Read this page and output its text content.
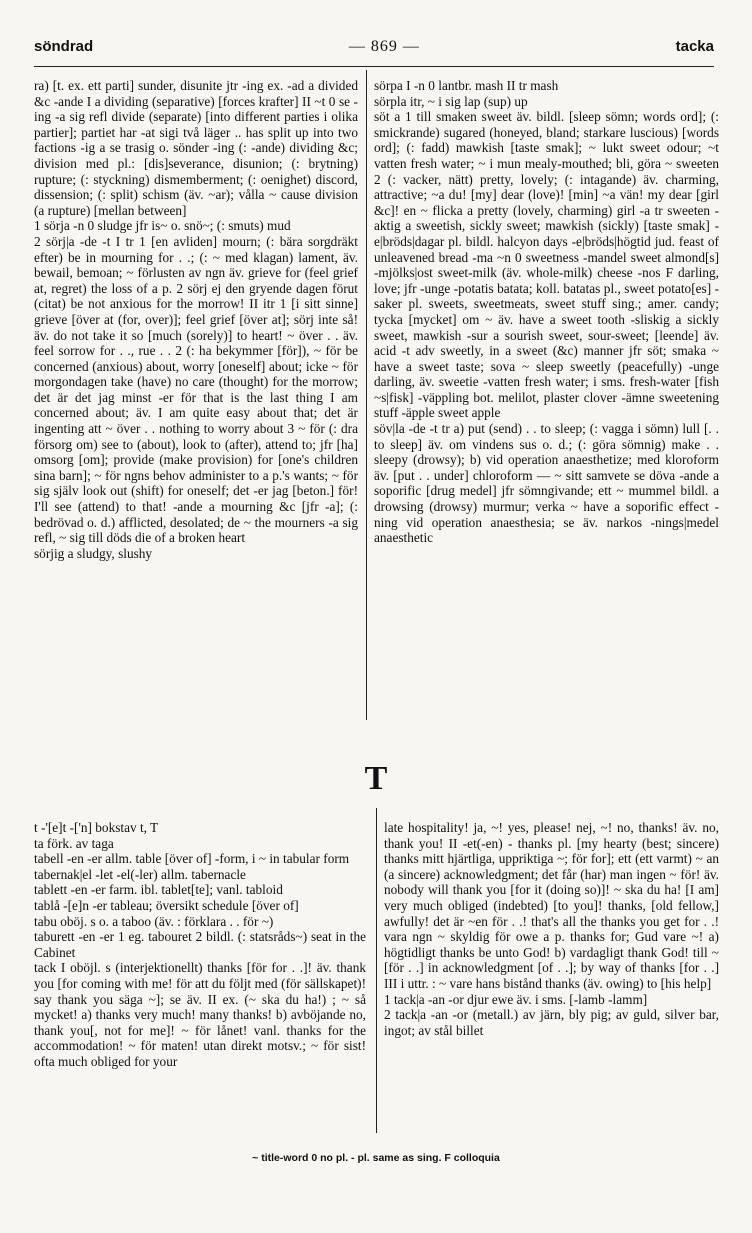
söndrad	— 869 —	tacka

ra) [t. ex. ett parti] sunder, disunite jtr -ing ex. -ad a divided &c -ande I a dividing (separative) [forces krafter] II ~t 0 se -ing -a sig refl divide (separate) [into different parties i olika partier]; partiet har -at sigi två läger .. has split up into two factions -ig a se trasig o. sönder -ing (: -ande) dividing &c; division med pl.: [dis]severance, disunion; (: brytning) rupture; (: styckning) dismemberment; (: oenighet) discord, dissension; (: split) schism (äv. ~ar); vålla ~ cause division (a rupture) [mellan between]

1 sörja -n 0 sludge jfr is~ o. snö~; (: smuts) mud

2 sörj|a -de -t I tr 1 [en avliden] mourn; (: bära sorgdräkt efter) be in mourning for . .; (: ~ med klagan) lament, äv. bewail, bemoan; ~ förlusten av ngn äv. grieve for (feel grief at, regret) the loss of a p. 2 sörj ej den gryende dagen förut (citat) be not anxious for the morrow! II itr 1 [i sitt sinne] grieve [över at (for, over)]; feel grief [över at]; sörj inte så! äv. do not take it so [much (sorely)] to heart! ~ över . . äv. feel sorrow for . ., rue . . 2 (: ha bekymmer [för]), ~ för be concerned (anxious) about, worry [oneself] about; icke ~ för morgondagen take (have) no care (thought) for the morrow; det är det jag minst -er för that is the last thing I am concerned about; äv. I am quite easy about that; det är ingenting att ~ över . . nothing to worry about 3 ~ för (: dra försorg om) see to (about), look to (after), attend to; jfr [ha] omsorg [om]; provide (make provision) for [one's children sina barn]; ~ för ngns behov administer to a p.'s wants; ~ för sig själv look out (shift) for oneself; det -er jag [beton.] för! I'll see (attend) to that! -ande a mourning &c [jfr -a]; (: bedrövad o. d.) afflicted, desolated; de ~ the mourners -a sig refl, ~ sig till döds die of a broken heart

sörjig a sludgy, slushy

sörpa I -n 0 lantbr. mash II tr mash

sörpla itr, ~ i sig lap (sup) up

söt a 1 till smaken sweet äv. bildl. [sleep sömn; words ord]; (: smickrande) sugared (honeyed, bland; starkare luscious) [words ord]; (: fadd) mawkish [taste smak]; ~ lukt sweet odour; ~t vatten fresh water; ~ i mun mealy-mouthed; bli, göra ~ sweeten 2 (: vacker, nätt) pretty, lovely; (: intagande) äv. charming, attractive; ~a du! [my] dear (love)! [min] ~a vän! my dear [girl &c]! en ~ flicka a pretty (lovely, charming) girl -a tr sweeten -aktig a sweetish, sickly sweet; mawkish (sickly) [taste smak] -e|bröds|dagar pl. bildl. halcyon days -e|bröds|högtid jud. feast of unleavened bread -ma ~n 0 sweetness -mandel sweet almond[s] -mjölks|ost sweet-milk (äv. whole-milk) cheese -nos F darling, love; jfr -unge -potatis batata; koll. batatas pl., sweet potato[es] -saker pl. sweets, sweetmeats, sweet stuff sing.; amer. candy; tycka [mycket] om ~ äv. have a sweet tooth -sliskig a sickly sweet, mawkish -sur a sourish sweet, sour-sweet; [leende] äv. acid -t adv sweetly, in a sweet (&c) manner jfr söt; smaka ~ have a sweet taste; sova ~ sleep sweetly (peacefully) -unge darling, äv. sweetie -vatten fresh water; i sms. fresh-water [fish ~s|fisk] -väppling bot. melilot, plaster clover -ämne sweetening stuff -äpple sweet apple

söv|la -de -t tr a) put (send) . . to sleep; (: vagga i sömn) lull [. . to sleep] äv. om vindens sus o. d.; (: göra sömnig) make . . sleepy (drowsy); b) vid operation anaesthetize; med kloroform äv. [put . . under] chloroform — ~ sitt samvete se döva -ande a soporific [drug medel] jfr sömngivande; ett ~ mummel bildl. a drowsing (drowsy) murmur; verka ~ have a soporific effect -ning vid operation anaesthesia; se äv. narkos -nings|medel anaesthetic

T

t -'[e]t -['n] bokstav t, T

ta förk. av taga

tabell -en -er allm. table [över of] -form, i ~ in tabular form

tabernak|el -let -el(-ler) allm. tabernacle

tablett -en -er farm. ibl. tablet[te]; vanl. tabloid

tablå -[e]n -er tableau; översikt schedule [över of]

tabu oböj. s o. a taboo (äv. : förklara . . för ~)

taburett -en -er 1 eg. tabouret 2 bildl. (: statsråds~) seat in the Cabinet

tack I oböjl. s (interjektionellt) thanks [för for . .]! äv. thank you [for coming with me! för att du följt med (för sällskapet)! say thank you säga ~]; se äv. II ex. (~ ska du ha!) ; ~ så mycket! a) thanks very much! many thanks! b) avböjande no, thank you[, not for me]! ~ för lånet! vanl. thanks for the accommodation! ~ för maten! utan direkt motsv.; ~ för sist! ofta much obliged for your

late hospitality! ja, ~! yes, please! nej, ~! no, thanks! äv. no, thank you! II -et(-en) - thanks pl. [my hearty (best; sincere) thanks mitt hjärtliga, uppriktiga ~; för for]; ett (ett varmt) ~ an (a sincere) acknowledgment; det får (har) man ingen ~ för! äv. nobody will thank you [for it (doing so)]! ~ ska du ha! [I am] very much obliged (indebted) [to you]! thanks, [old fellow,] awfully! det är ~en för . .! that's all the thanks you get for . .! vara ngn ~ skyldig för owe a p. thanks for; Gud vare ~! a) högtidligt thanks be unto God! b) vardagligt thank God! till ~ [för . .] in acknowledgment [of . .]; by way of thanks [for . .] III i uttr. : ~ vare hans bistånd thanks (äv. owing) to [his help]

1 tack|a -an -or djur ewe äv. i sms. [-lamb -lamm]

2 tack|a -an -or (metall.) av järn, bly pig; av guld, silver bar, ingot; av stål billet

~ title-word 0 no pl. - pl. same as sing. F colloquia
